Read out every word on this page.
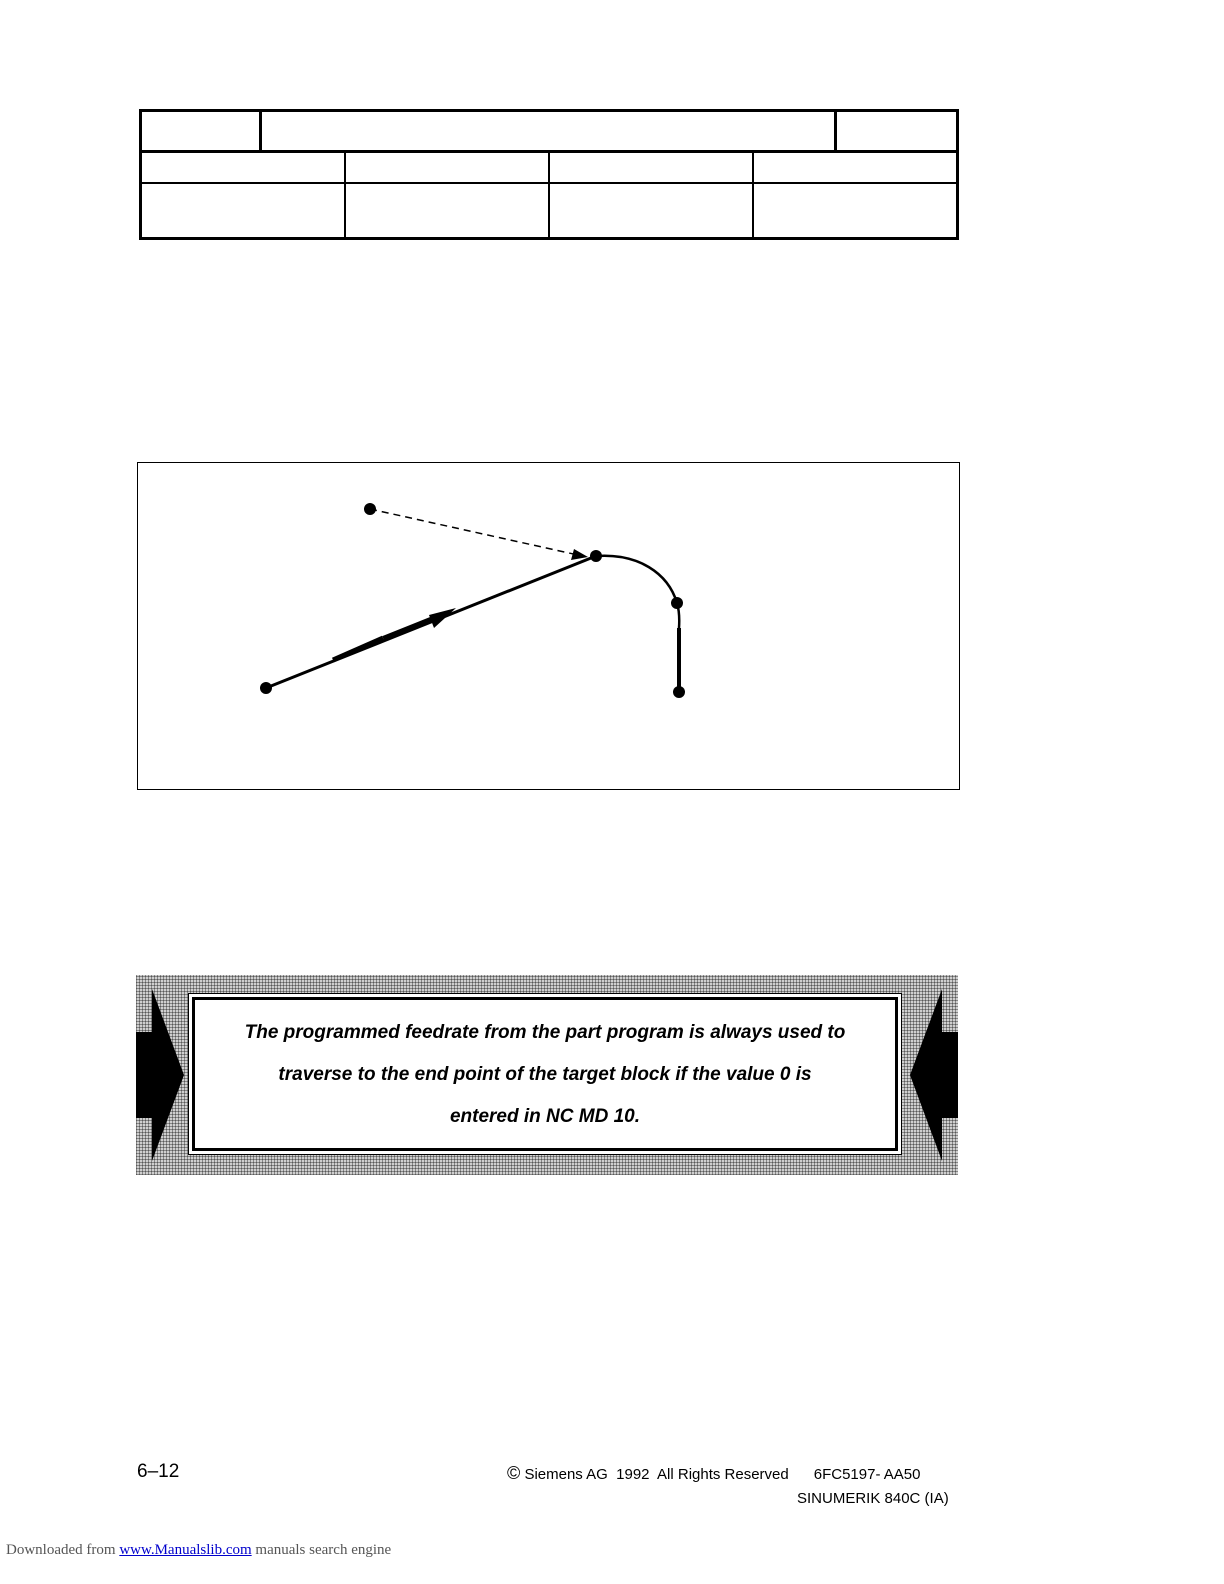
The programmed feedrate from the part program is always used to
traverse to the end point of the target block if the value 0 is
entered in NC MD 10.
6–12	© Siemens AG  1992  All Rights Reserved      6FC5197- AA50
SINUMERIK 840C (IA)
Downloaded from www.Manualslib.com manuals search engine
